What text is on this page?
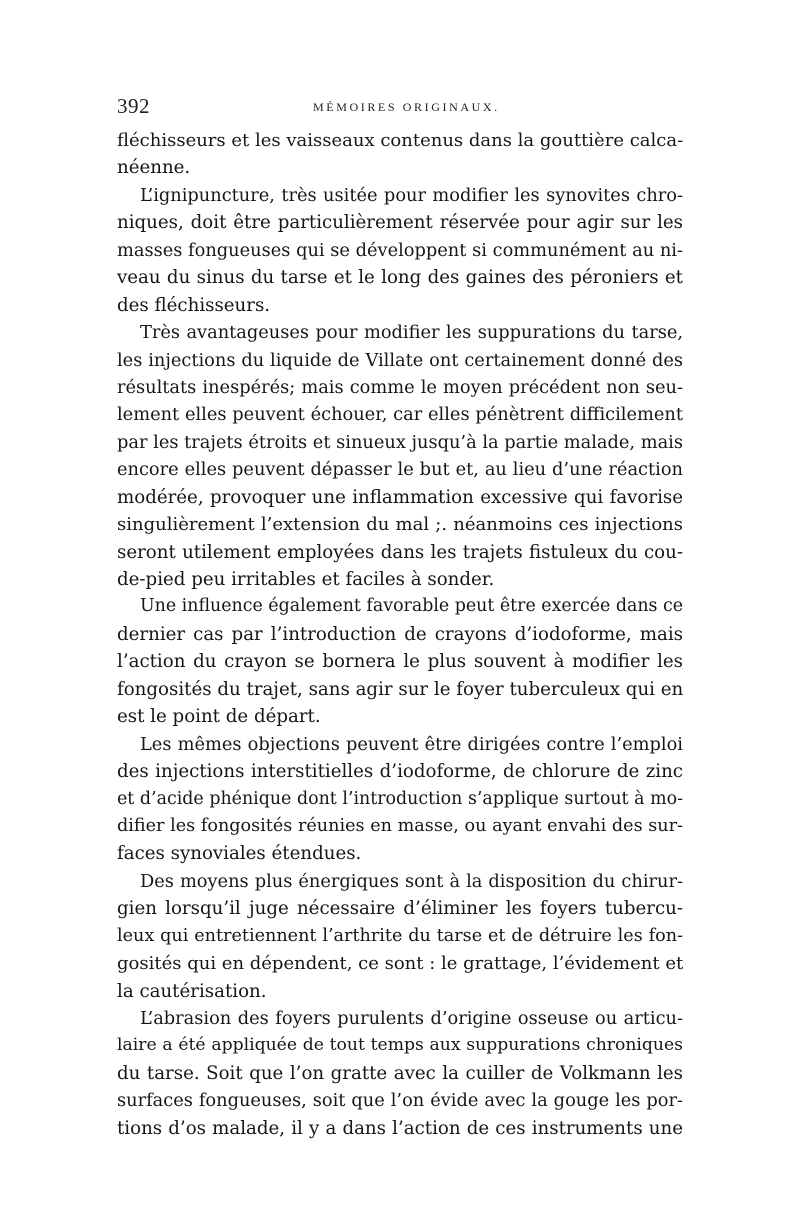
392	MÉMOIRES ORIGINAUX.
fléchisseurs et les vaisseaux contenus dans la gouttière calca-
néenne.
L’ignipuncture, très usitée pour modifier les synovites chro-
niques, doit être particulièrement réservée pour agir sur les
masses fongueuses qui se développent si communément au ni-
veau du sinus du tarse et le long des gaines des péroniers et
des fléchisseurs.
Très avantageuses pour modifier les suppurations du tarse,
les injections du liquide de Villate ont certainement donné des
résultats inespérés; mais comme le moyen précédent non seu-
lement elles peuvent échouer, car elles pénètrent difficilement
par les trajets étroits et sinueux jusqu’à la partie malade, mais
encore elles peuvent dépasser le but et, au lieu d’une réaction
modérée, provoquer une inflammation excessive qui favorise
singulièrement l’extension du mal ;. néanmoins ces injections
seront utilement employées dans les trajets fistuleux du cou-
de-pied peu irritables et faciles à sonder.
Une influence également favorable peut être exercée dans ce
dernier cas par l’introduction de crayons d’iodoforme, mais
l’action du crayon se bornera le plus souvent à modifier les
fongosités du trajet, sans agir sur le foyer tuberculeux qui en
est le point de départ.
Les mêmes objections peuvent être dirigées contre l’emploi
des injections interstitielles d’iodoforme, de chlorure de zinc
et d’acide phénique dont l’introduction s’applique surtout à mo-
difier les fongosités réunies en masse, ou ayant envahi des sur-
faces synoviales étendues.
Des moyens plus énergiques sont à la disposition du chirur-
gien lorsqu’il juge nécessaire d’éliminer les foyers tubercu-
leux qui entretiennent l’arthrite du tarse et de détruire les fon-
gosités qui en dépendent, ce sont : le grattage, l’évidement et
la cautérisation.
L’abrasion des foyers purulents d’origine osseuse ou articu-
laire a été appliquée de tout temps aux suppurations chroniques
du tarse. Soit que l’on gratte avec la cuiller de Volkmann les
surfaces fongueuses, soit que l’on évide avec la gouge les por-
tions d’os malade, il y a dans l’action de ces instruments une
